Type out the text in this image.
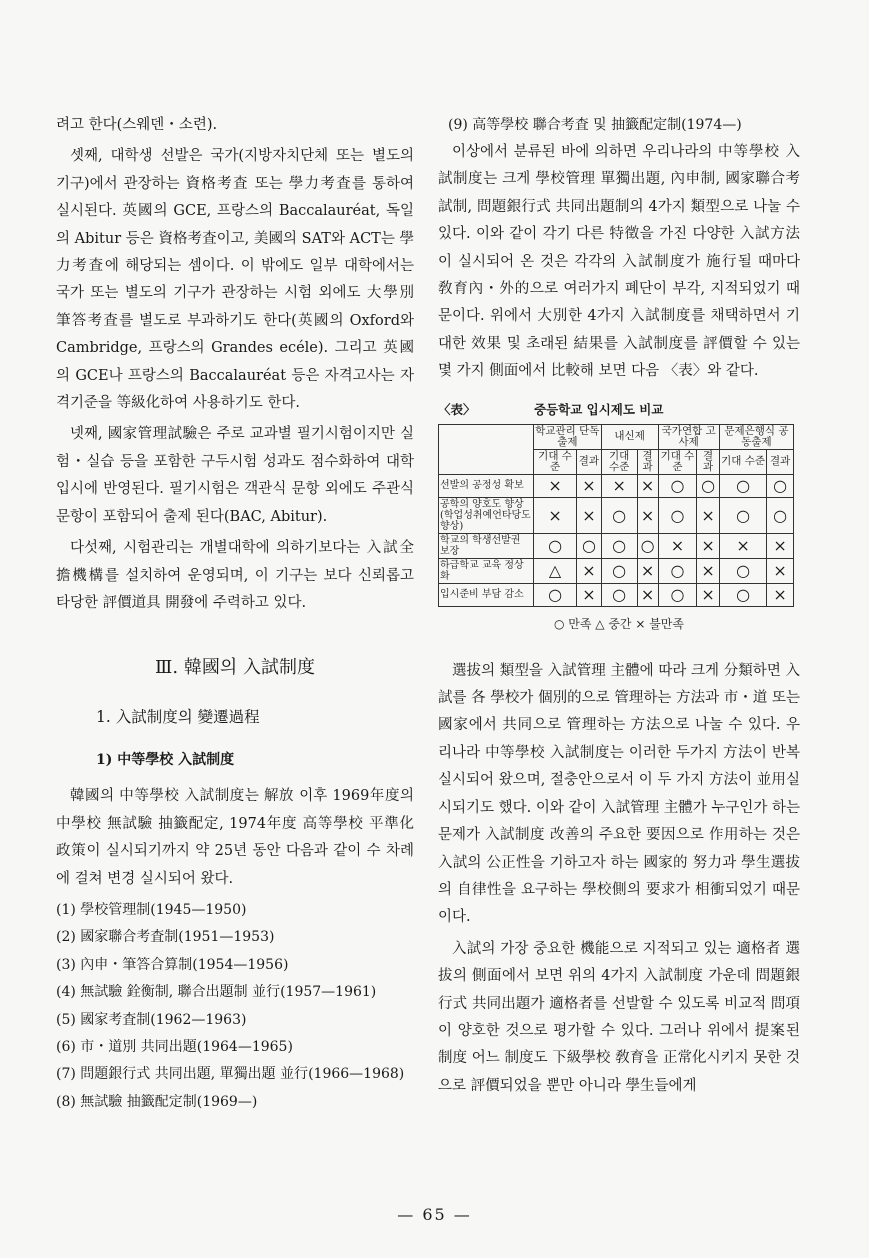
려고 한다(스웨덴・소련).

셋째, 대학생 선발은 국가(지방자치단체 또는 별도의 기구)에서 관장하는 資格考査 또는 學力考査를 통하여 실시된다. 英國의 GCE, 프랑스의 Baccalauréat, 독일의 Abitur 등은 資格考査이고, 美國의 SAT와 ACT는 學力考査에 해당되는 셈이다. 이 밖에도 일부 대학에서는 국가 또는 별도의 기구가 관장하는 시험 외에도 大學別 筆答考査를 별도로 부과하기도 한다(英國의 Oxford와 Cambridge, 프랑스의 Grandes ecéle). 그리고 英國의 GCE나 프랑스의 Baccalauréat 등은 자격고사는 자격기준을 等級化하여 사용하기도 한다.

넷째, 國家管理試驗은 주로 교과별 필기시험이지만 실험・실습 등을 포함한 구두시험 성과도 점수화하여 대학입시에 반영된다. 필기시험은 객관식 문항 외에도 주관식 문항이 포함되어 출제 된다(BAC, Abitur).

다섯째, 시험관리는 개별대학에 의하기보다는 入試全擔機構를 설치하여 운영되며, 이 기구는 보다 신뢰롭고 타당한 評價道具 開發에 주력하고 있다.

Ⅲ. 韓國의 入試制度
1. 入試制度의 變遷過程
1) 中等學校 入試制度

韓國의 中等學校 入試制度는 解放 이후 1969年度의 中學校 無試驗 抽籤配定, 1974年度 高等學校 平準化 政策이 실시되기까지 약 25년 동안 다음과 같이 수 차례에 걸쳐 변경 실시되어 왔다.

(1) 學校管理制(1945—1950)
(2) 國家聯合考査制(1951—1953)
(3) 內申・筆答合算制(1954—1956)
(4) 無試驗 銓衡制, 聯合出題制 並行(1957—1961)
(5) 國家考査制(1962—1963)
(6) 市・道別 共同出題(1964—1965)
(7) 問題銀行式 共同出題, 單獨出題 並行(1966—1968)
(8) 無試驗 抽籤配定制(1969—)
(9) 高等學校 聯合考査 및 抽籤配定制(1974—)

이상에서 분류된 바에 의하면 우리나라의 中等學校 入試制度는 크게 學校管理 單獨出題, 內申制, 國家聯合考試制, 問題銀行式 共同出題制의 4가지 類型으로 나눌 수 있다. 이와 같이 각기 다른 特徵을 가진 다양한 入試方法이 실시되어 온 것은 각각의 入試制度가 施行될 때마다 敎育內・外的으로 여러가지 폐단이 부각, 지적되었기 때문이다. 위에서 大別한 4가지 入試制度를 채택하면서 기대한 效果 및 초래된 結果를 入試制度를 評價할 수 있는 몇 가지 側面에서 比較해 보면 다음 〈表〉와 같다.

〈表〉	중등학교 입시제도 비교
	학교관리 단독출제		내신제		국가연합 고사제		문제은행식 공동출제	
	기대 수준	결과	기대 수준	결과	기대 수준	결과	기대 수준	결과
선발의 공정성 확보	×	×	×	×	○	○	○	○
공학의 양호도 향상(학업성취예언타당도향상)	×	×	○	×	○	×	○	○
학교의 학생선발권 보장	○	○	○	○	×	×	×	×
하급학교 교육 정상화	△	×	○	×	○	×	○	×
입시준비 부담 감소	○	×	○	×	○	×	○	×
○ 만족 △ 중간 × 불만족

選拔의 類型을 入試管理 主體에 따라 크게 分類하면 入試를 各 學校가 個別的으로 管理하는 方法과 市・道 또는 國家에서 共同으로 管理하는 方法으로 나눌 수 있다. 우리나라 中等學校 入試制度는 이러한 두가지 方法이 반복실시되어 왔으며, 절충안으로서 이 두 가지 方法이 並用실시되기도 했다. 이와 같이 入試管理 主體가 누구인가 하는 문제가 入試制度 改善의 주요한 要因으로 作用하는 것은 入試의 公正性을 기하고자 하는 國家的 努力과 學生選拔의 自律性을 요구하는 學校側의 要求가 相衝되었기 때문이다.

入試의 가장 중요한 機能으로 지적되고 있는 適格者 選拔의 側面에서 보면 위의 4가지 入試制度 가운데 問題銀行式 共同出題가 適格者를 선발할 수 있도록 비교적 問項이 양호한 것으로 평가할 수 있다. 그러나 위에서 提案된 制度 어느 制度도 下級學校 敎育을 正常化시키지 못한 것으로 評價되었을 뿐만 아니라 學生들에게

— 65 —
